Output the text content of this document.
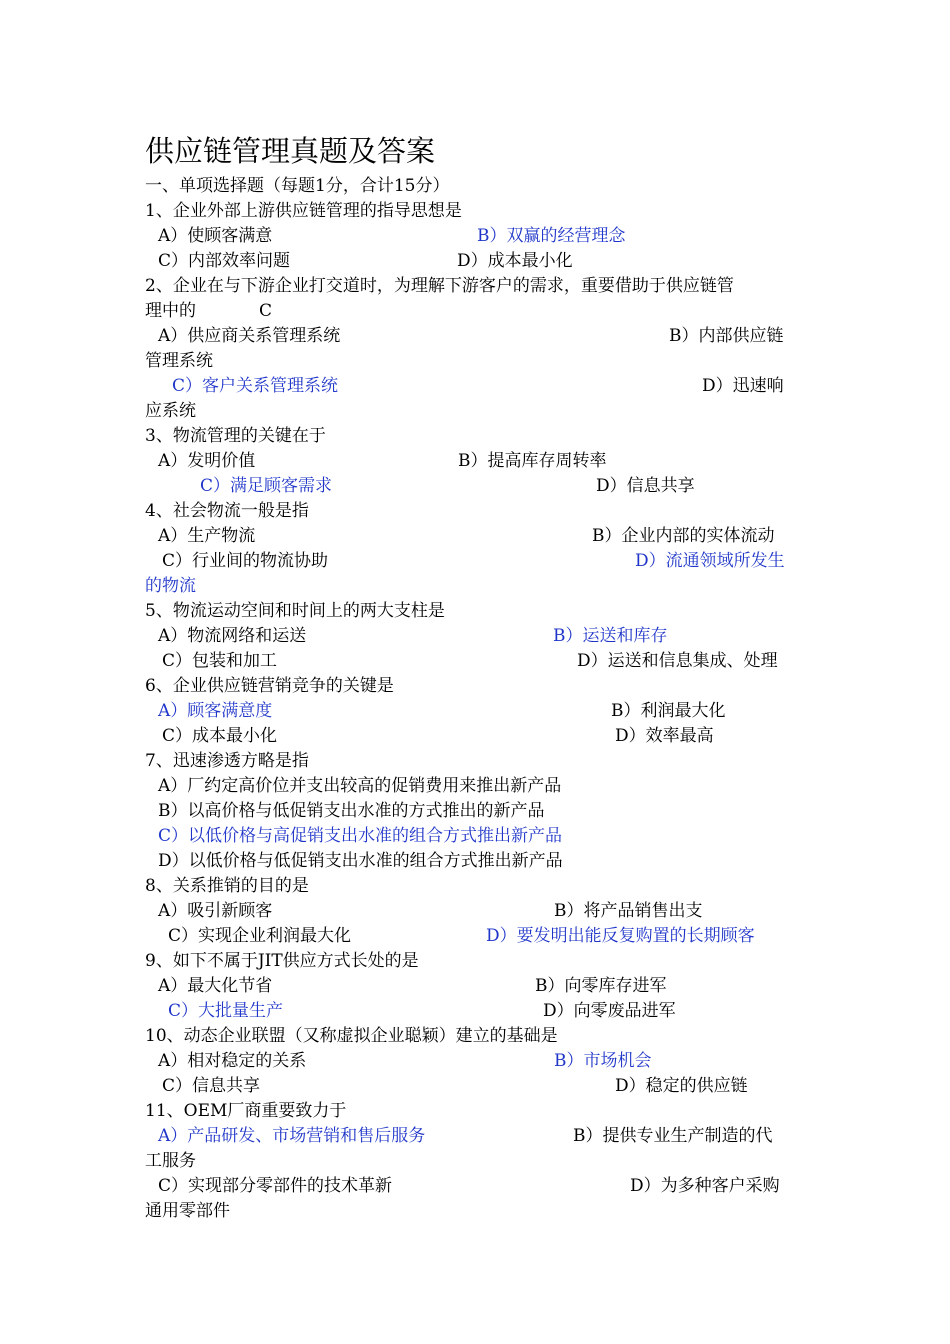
供应链管理真题及答案
一、单项选择题（每题1分，合计15分）
1、企业外部上游供应链管理的指导思想是
A）使顾客满意	B）双赢的经营理念
C）内部效率问题	D）成本最小化
2、企业在与下游企业打交道时，为理解下游客户的需求，重要借助于供应链管
理中的	C
A）供应商关系管理系统	B）内部供应链
管理系统
C）客户关系管理系统	D）迅速响
应系统
3、物流管理的关键在于
A）发明价值	B）提高库存周转率
C）满足顾客需求	D）信息共享
4、社会物流一般是指
A）生产物流	B）企业内部的实体流动
C）行业间的物流协助	D）流通领域所发生
的物流
5、物流运动空间和时间上的两大支柱是
A）物流网络和运送	B）运送和库存
C）包装和加工	D）运送和信息集成、处理
6、企业供应链营销竞争的关键是
A）顾客满意度	B）利润最大化
C）成本最小化	D）效率最高
7、迅速渗透方略是指
A）厂约定高价位并支出较高的促销费用来推出新产品
B）以高价格与低促销支出水准的方式推出的新产品
C）以低价格与高促销支出水准的组合方式推出新产品
D）以低价格与低促销支出水准的组合方式推出新产品
8、关系推销的目的是
A）吸引新顾客	B）将产品销售出支
C）实现企业利润最大化	D）要发明出能反复购置的长期顾客
9、如下不属于JIT供应方式长处的是
A）最大化节省	B）向零库存进军
C）大批量生产	D）向零废品进军
10、动态企业联盟（又称虚拟企业聪颖）建立的基础是
A）相对稳定的关系	B）市场机会
C）信息共享	D）稳定的供应链
11、OEM厂商重要致力于
A）产品研发、市场营销和售后服务	B）提供专业生产制造的代
工服务
C）实现部分零部件的技术革新	D）为多种客户采购
通用零部件
